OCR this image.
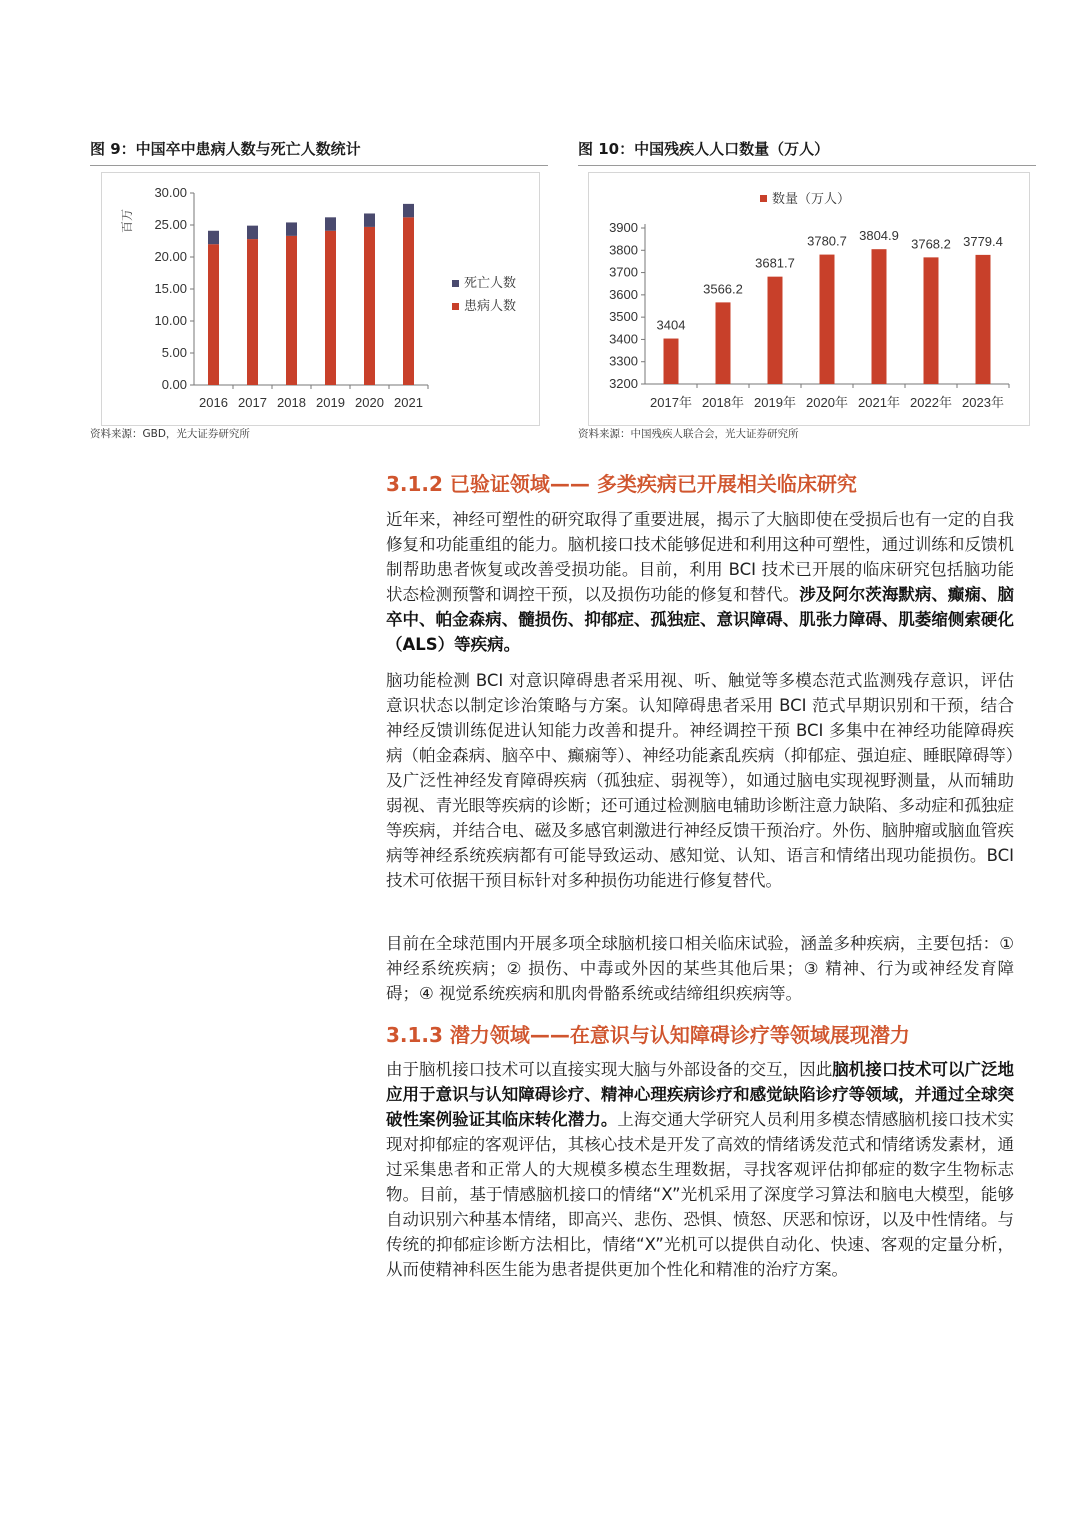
图 9：中国卒中患病人数与死亡人数统计
百万
0.00
5.00
10.00
15.00
20.00
25.00
30.00
2016 2017 2018 2019 2020 2021
死亡人数
患病人数
资料来源：GBD，光大证券研究所
图 10：中国残疾人人口数量（万人）
数量（万人）
3200
3300
3400
3500
3600
3700
3800
3900
3404
2017年
3566.2
2018年
3681.7
2019年
3780.7
2020年
3804.9
2021年
3768.2
2022年
3779.4
2023年
资料来源：中国残疾人联合会，光大证券研究所
3.1.2 已验证领域—— 多类疾病已开展相关临床研究

近年来，神经可塑性的研究取得了重要进展，揭示了大脑即使在受损后也有一定的自我修复和功能重组的能力。脑机接口技术能够促进和利用这种可塑性，通过训练和反馈机制帮助患者恢复或改善受损功能。目前，利用 BCI 技术已开展的临床研究包括脑功能状态检测预警和调控干预，以及损伤功能的修复和替代。涉及阿尔茨海默病、癫痫、脑卒中、帕金森病、髓损伤、抑郁症、孤独症、意识障碍、肌张力障碍、肌萎缩侧索硬化（ALS）等疾病。

脑功能检测 BCI 对意识障碍患者采用视、听、触觉等多模态范式监测残存意识，评估意识状态以制定诊治策略与方案。认知障碍患者采用 BCI 范式早期识别和干预，结合神经反馈训练促进认知能力改善和提升。神经调控干预 BCI 多集中在神经功能障碍疾病（帕金森病、脑卒中、癫痫等）、神经功能紊乱疾病（抑郁症、强迫症、睡眠障碍等）及广泛性神经发育障碍疾病（孤独症、弱视等），如通过脑电实现视野测量，从而辅助弱视、青光眼等疾病的诊断；还可通过检测脑电辅助诊断注意力缺陷、多动症和孤独症等疾病，并结合电、磁及多感官刺激进行神经反馈干预治疗。外伤、脑肿瘤或脑血管疾病等神经系统疾病都有可能导致运动、感知觉、认知、语言和情绪出现功能损伤。BCI 技术可依据干预目标针对多种损伤功能进行修复替代。

目前在全球范围内开展多项全球脑机接口相关临床试验，涵盖多种疾病，主要包括：① 神经系统疾病；② 损伤、中毒或外因的某些其他后果；③ 精神、行为或神经发育障碍；④ 视觉系统疾病和肌肉骨骼系统或结缔组织疾病等。

3.1.3 潜力领域——在意识与认知障碍诊疗等领域展现潜力

由于脑机接口技术可以直接实现大脑与外部设备的交互，因此脑机接口技术可以广泛地应用于意识与认知障碍诊疗、精神心理疾病诊疗和感觉缺陷诊疗等领域，并通过全球突破性案例验证其临床转化潜力。上海交通大学研究人员利用多模态情感脑机接口技术实现对抑郁症的客观评估，其核心技术是开发了高效的情绪诱发范式和情绪诱发素材，通过采集患者和正常人的大规模多模态生理数据，寻找客观评估抑郁症的数字生物标志物。目前，基于情感脑机接口的情绪“X”光机采用了深度学习算法和脑电大模型，能够自动识别六种基本情绪，即高兴、悲伤、恐惧、愤怒、厌恶和惊讶，以及中性情绪。与传统的抑郁症诊断方法相比，情绪“X”光机可以提供自动化、快速、客观的定量分析，从而使精神科医生能为患者提供更加个性化和精准的治疗方案。
